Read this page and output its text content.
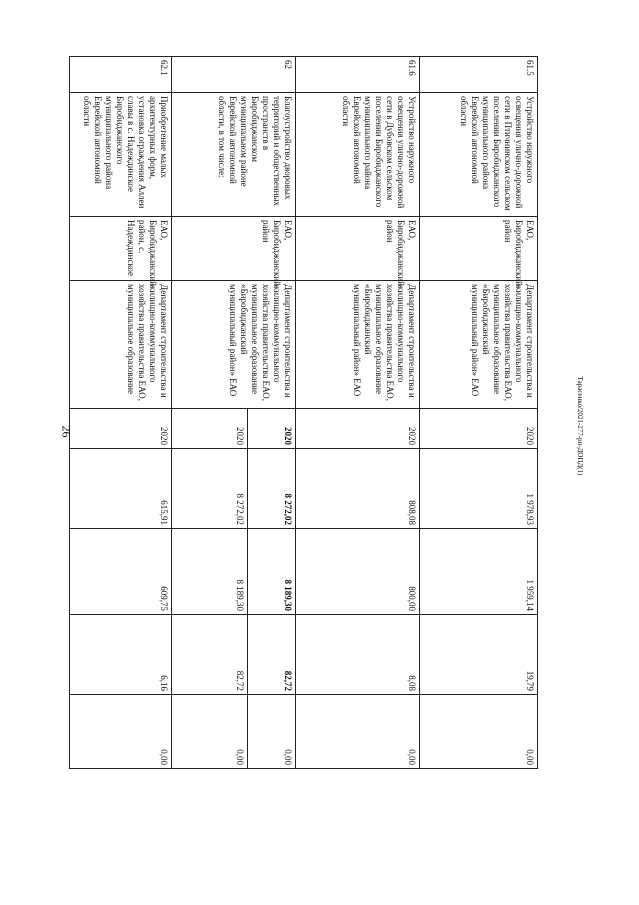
26	Тарасенко/2021-277-рп-ДОПД(1)
61.5	Устройство наружного освещения улично-дорожной сети в Птичнинском сельском поселении Биробиджанского муниципального района Еврейской автономной области	ЕАО, Биробиджанский район	Департамент строительства и жилищно-коммунального хозяйства правительства ЕАО, муниципальное образование «Биробиджанский муниципальный район» ЕАО	2020	1 978,93	1 959,14	19,79	0,00
61.6	Устройство наружного освещения улично-дорожной сети в Дубовском сельском поселении Биробиджанского муниципального района Еврейской автономной области	ЕАО, Биробиджанский район	Департамент строительства и жилищно-коммунального хозяйства правительства ЕАО, муниципальное образование «Биробиджанский муниципальный район» ЕАО	2020	808,08	800,00	8,08	0,00
62	Благоустройство дворовых территорий и общественных пространств в Биробиджанском муниципальном районе Еврейской автономной области, в том числе:	ЕАО, Биробиджанский район	Департамент строительства и жилищно-коммунального хозяйства правительства ЕАО, муниципальное образование «Биробиджанский муниципальный район» ЕАО	2020	8 272,02	8 189,30	82,72	0,00
				2020	8 272,02	8 189,30	82,72	0,00
62.1	Приобретение малых архитектурных форм, установка ограждения Аллеи славы в с. Надеждинское Биробиджанского муниципального района Еврейской автономной области	ЕАО, Биробиджанский район, с. Надеждинское	Департамент строительства и жилищно-коммунального хозяйства правительства ЕАО, муниципальное образование	2020	615,91	609,75	6,16	0,00
